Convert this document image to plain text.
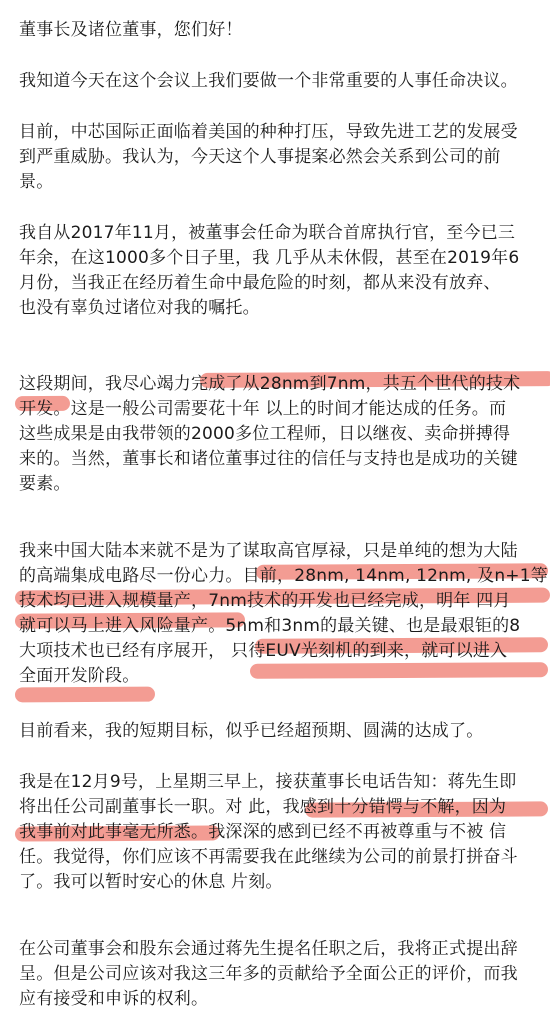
董事长及诸位董事，您们好！
我知道今天在这个会议上我们要做一个非常重要的人事任命决议。
目前，中芯国际正面临着美国的种种打压，导致先进工艺的发展受
到严重威胁。我认为，今天这个人事提案必然会关系到公司的前
景。
我自从2017年11月，被董事会任命为联合首席执行官，至今已三
年余，在这1000多个日子里，我 几乎从未休假，甚至在2019年6
月份，当我正在经历着生命中最危险的时刻，都从来没有放弃、
也没有辜负过诸位对我的嘱托。
这段期间，我尽心竭力完成了从28nm到7nm，共五个世代的技术
开发。这是一般公司需要花十年 以上的时间才能达成的任务。而
这些成果是由我带领的2000多位工程师，日以继夜、卖命拼搏得
来的。当然，董事长和诸位董事过往的信任与支持也是成功的关键
要素。
我来中国大陆本来就不是为了谋取高官厚禄，只是单纯的想为大陆
的高端集成电路尽一份心力。目前，28nm, 14nm, 12nm, 及n+1等
技术均已进入规模量产，7nm技术的开发也已经完成，明年 四月
就可以马上进入风险量产。5nm和3nm的最关键、也是最艰钜的8
大项技术也已经有序展开， 只待EUV光刻机的到来，就可以进入
全面开发阶段。
目前看来，我的短期目标，似乎已经超预期、圆满的达成了。
我是在12月9号，上星期三早上，接获董事长电话告知：蒋先生即
将出任公司副董事长一职。对 此，我感到十分错愕与不解，因为
我事前对此事毫无所悉。我深深的感到已经不再被尊重与不被 信
任。我觉得，你们应该不再需要我在此继续为公司的前景打拼奋斗
了。我可以暂时安心的休息 片刻。
在公司董事会和股东会通过蒋先生提名任职之后，我将正式提出辞
呈。但是公司应该对我这三年多的贡献给予全面公正的评价，而我
应有接受和申诉的权利。
